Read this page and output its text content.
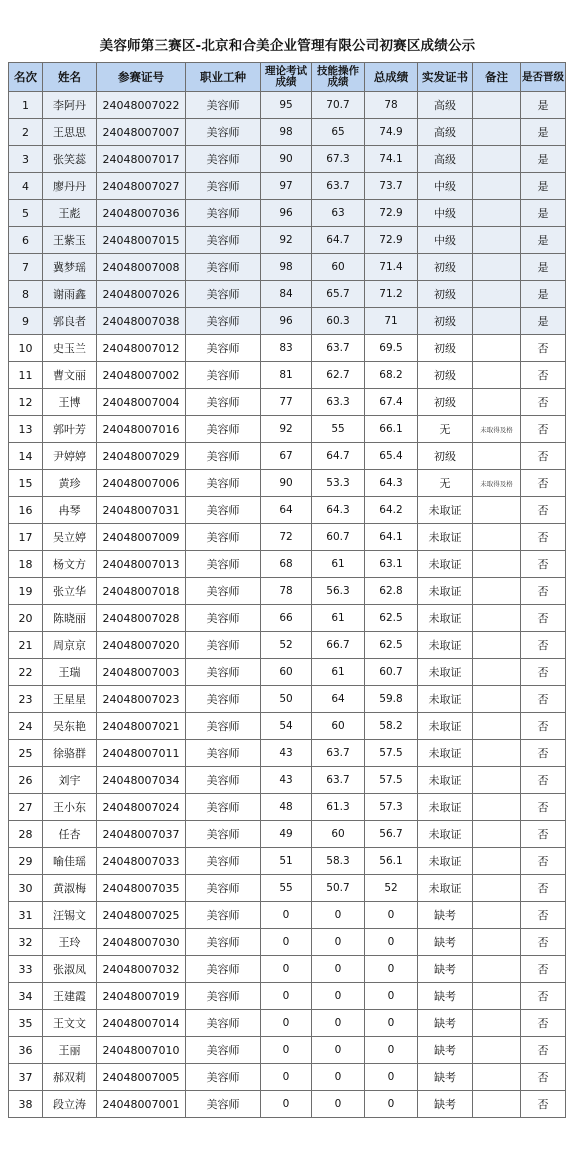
美容师第三赛区-北京和合美企业管理有限公司初赛区成绩公示
名次	姓名	参赛证号	职业工种	理论考试成绩	技能操作成绩	总成绩	实发证书	备注	是否晋级
1	李阿丹	24048007022	美容师	95	70.7	78	高级		是
2	王思思	24048007007	美容师	98	65	74.9	高级		是
3	张笑蕊	24048007017	美容师	90	67.3	74.1	高级		是
4	廖丹丹	24048007027	美容师	97	63.7	73.7	中级		是
5	王彪	24048007036	美容师	96	63	72.9	中级		是
6	王紫玉	24048007015	美容师	92	64.7	72.9	中级		是
7	冀梦瑶	24048007008	美容师	98	60	71.4	初级		是
8	谢雨鑫	24048007026	美容师	84	65.7	71.2	初级		是
9	郭良者	24048007038	美容师	96	60.3	71	初级		是
10	史玉兰	24048007012	美容师	83	63.7	69.5	初级		否
11	曹文丽	24048007002	美容师	81	62.7	68.2	初级		否
12	王博	24048007004	美容师	77	63.3	67.4	初级		否
13	郭叶芳	24048007016	美容师	92	55	66.1	无	未取得及格	否
14	尹婷婷	24048007029	美容师	67	64.7	65.4	初级		否
15	黄珍	24048007006	美容师	90	53.3	64.3	无	未取得及格	否
16	冉琴	24048007031	美容师	64	64.3	64.2	未取证		否
17	吴立婷	24048007009	美容师	72	60.7	64.1	未取证		否
18	杨文方	24048007013	美容师	68	61	63.1	未取证		否
19	张立华	24048007018	美容师	78	56.3	62.8	未取证		否
20	陈晓丽	24048007028	美容师	66	61	62.5	未取证		否
21	周京京	24048007020	美容师	52	66.7	62.5	未取证		否
22	王瑞	24048007003	美容师	60	61	60.7	未取证		否
23	王星星	24048007023	美容师	50	64	59.8	未取证		否
24	吴东艳	24048007021	美容师	54	60	58.2	未取证		否
25	徐骆群	24048007011	美容师	43	63.7	57.5	未取证		否
26	刘宇	24048007034	美容师	43	63.7	57.5	未取证		否
27	王小东	24048007024	美容师	48	61.3	57.3	未取证		否
28	任杏	24048007037	美容师	49	60	56.7	未取证		否
29	喻佳瑶	24048007033	美容师	51	58.3	56.1	未取证		否
30	黄淑梅	24048007035	美容师	55	50.7	52	未取证		否
31	汪锡文	24048007025	美容师	0	0	0	缺考		否
32	王玲	24048007030	美容师	0	0	0	缺考		否
33	张淑凤	24048007032	美容师	0	0	0	缺考		否
34	王建霞	24048007019	美容师	0	0	0	缺考		否
35	王文文	24048007014	美容师	0	0	0	缺考		否
36	王丽	24048007010	美容师	0	0	0	缺考		否
37	郝双莉	24048007005	美容师	0	0	0	缺考		否
38	段立涛	24048007001	美容师	0	0	0	缺考		否
